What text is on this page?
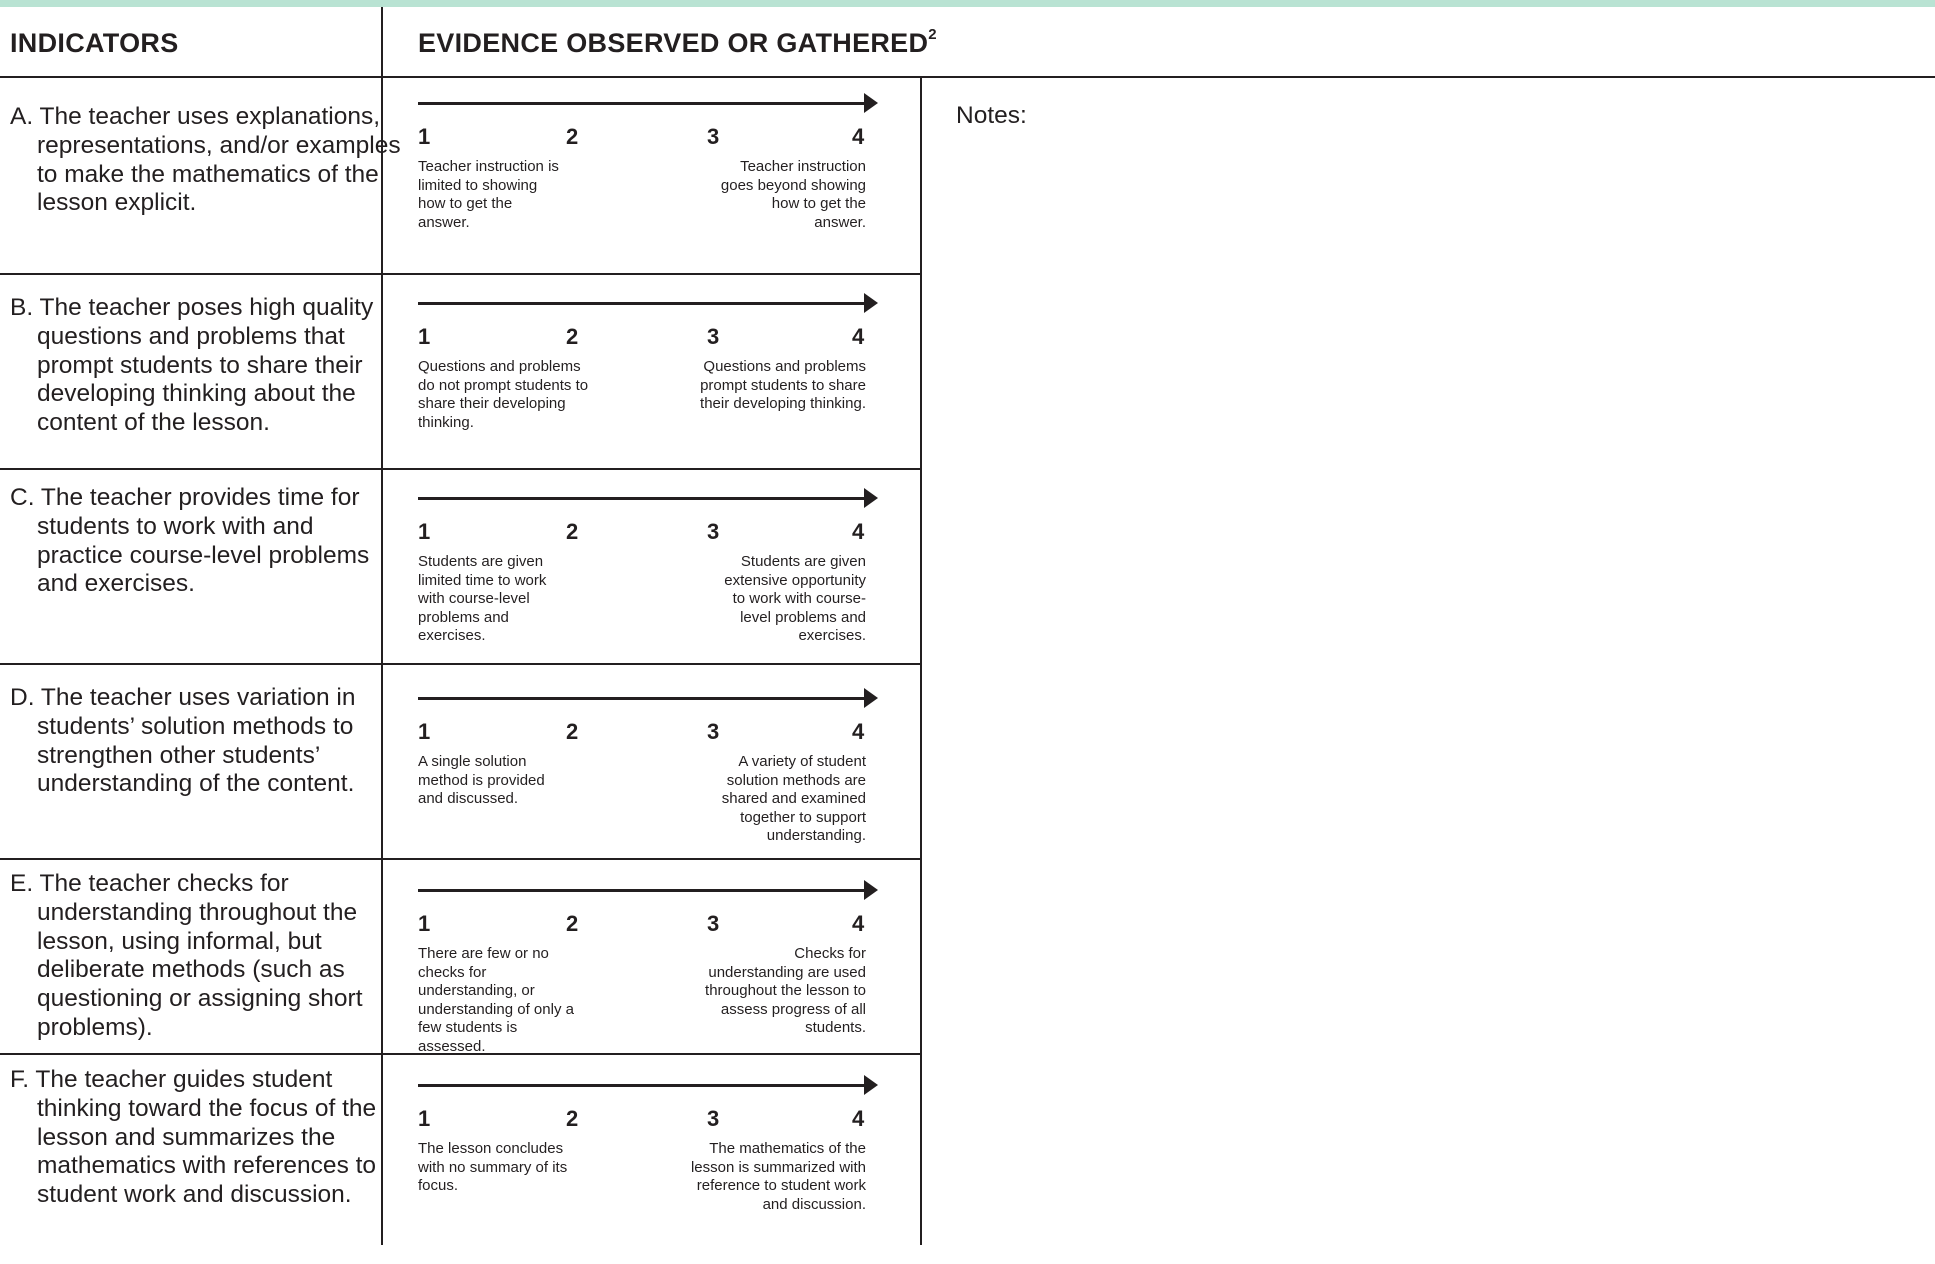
INDICATORS	EVIDENCE OBSERVED OR GATHERED$^2$
Notes:
A. The teacher uses explanations, representations, and/or examples to make the mathematics of the lesson explicit.
1	2	3	4
Teacher instruction is limited to showing how to get the answer.
Teacher instruction goes beyond showing how to get the answer.
B. The teacher poses high quality questions and problems that prompt students to share their developing thinking about the content of the lesson.
1	2	3	4
Questions and problems do not prompt students to share their developing thinking.
Questions and problems prompt students to share their developing thinking.
C. The teacher provides time for students to work with and practice course-level problems and exercises.
1	2	3	4
Students are given limited time to work with course-level problems and exercises.
Students are given extensive opportunity to work with course-level problems and exercises.
D. The teacher uses variation in students’ solution methods to strengthen other students’ understanding of the content.
1	2	3	4
A single solution method is provided and discussed.
A variety of student solution methods are shared and examined together to support understanding.
E. The teacher checks for understanding throughout the lesson, using informal, but deliberate methods (such as questioning or assigning short problems).
1	2	3	4
There are few or no checks for understanding, or understanding of only a few students is assessed.
Checks for understanding are used throughout the lesson to assess progress of all students.
F. The teacher guides student thinking toward the focus of the lesson and summarizes the mathematics with references to student work and discussion.
1	2	3	4
The lesson concludes with no summary of its focus.
The mathematics of the lesson is summarized with reference to student work and discussion.
